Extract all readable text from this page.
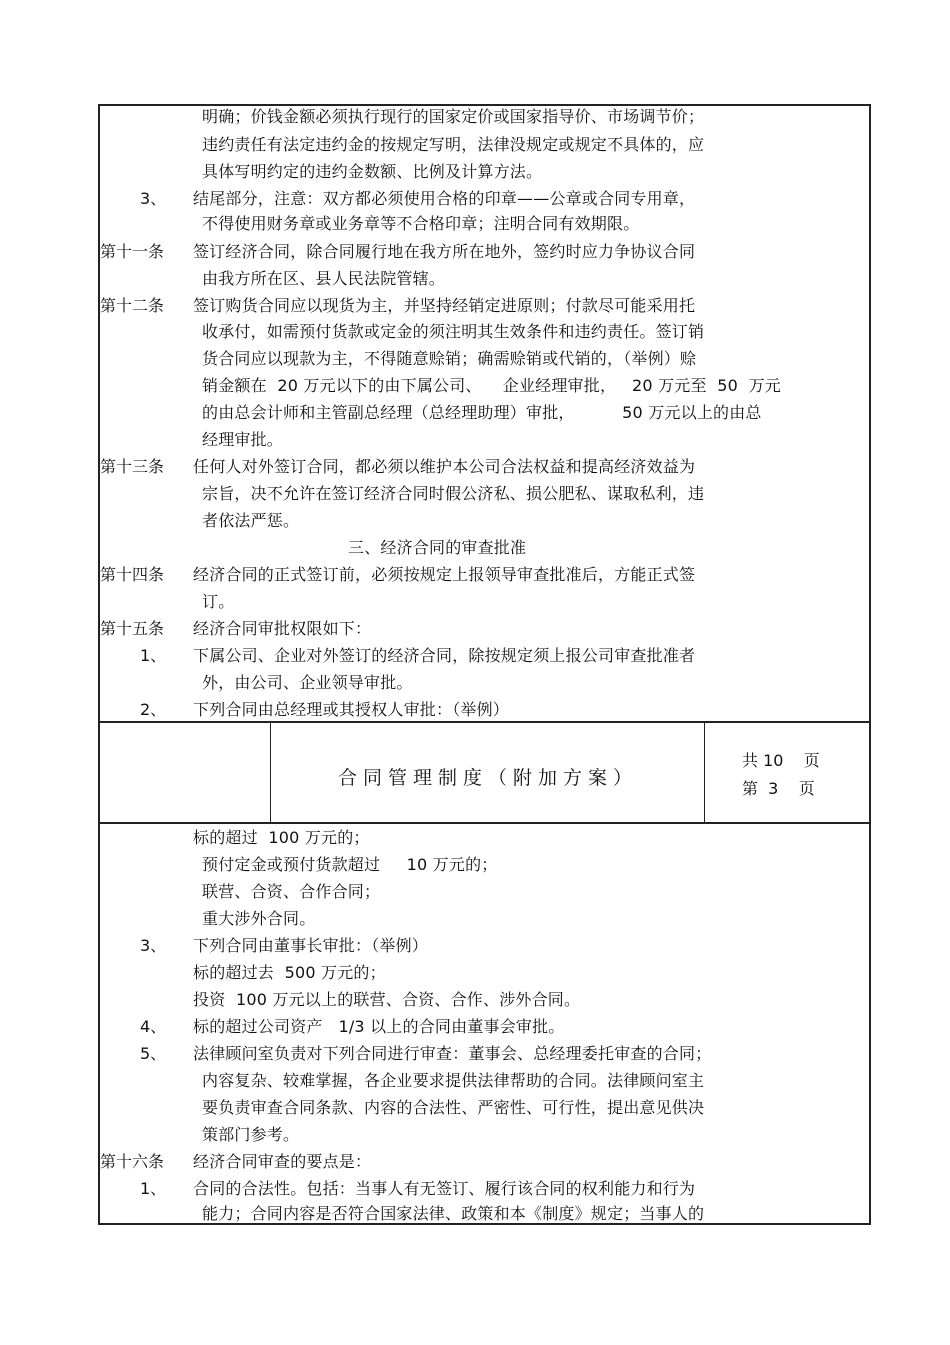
明确；价钱金额必须执行现行的国家定价或国家指导价、市场调节价；
违约责任有法定违约金的按规定写明，法律没规定或规定不具体的，应
具体写明约定的违约金数额、比例及计算方法。
3、 结尾部分，注意：双方都必须使用合格的印章——公章或合同专用章，
不得使用财务章或业务章等不合格印章；注明合同有效期限。
第十一条 签订经济合同，除合同履行地在我方所在地外，签约时应力争协议合同
由我方所在区、县人民法院管辖。
第十二条 签订购货合同应以现货为主，并坚持经销定进原则；付款尽可能采用托
收承付，如需预付货款或定金的须注明其生效条件和违约责任。签订销
货合同应以现款为主，不得随意赊销；确需赊销或代销的，（举例）赊
销金额在  20 万元以下的由下属公司、    企业经理审批，   20 万元至  50  万元
的由总会计师和主管副总经理（总经理助理）审批，         50 万元以上的由总
经理审批。
第十三条 任何人对外签订合同，都必须以维护本公司合法权益和提高经济效益为
宗旨，决不允许在签订经济合同时假公济私、损公肥私、谋取私利，违
者依法严惩。
三、经济合同的审查批准
第十四条 经济合同的正式签订前，必须按规定上报领导审查批准后，方能正式签
订。
第十五条 经济合同审批权限如下：
1、 下属公司、企业对外签订的经济合同，除按规定须上报公司审查批准者
外，由公司、企业领导审批。
2、 下列合同由总经理或其授权人审批：（举例）
合同管理制度（附加方案）
共 10    页
第  3    页
标的超过  100 万元的；
预付定金或预付货款超过     10 万元的；
联营、合资、合作合同；
重大涉外合同。
3、 下列合同由董事长审批：（举例）
标的超过去  500 万元的；
投资  100 万元以上的联营、合资、合作、涉外合同。
4、 标的超过公司资产   1/3 以上的合同由董事会审批。
5、 法律顾问室负责对下列合同进行审查：董事会、总经理委托审查的合同；
内容复杂、较难掌握，各企业要求提供法律帮助的合同。法律顾问室主
要负责审查合同条款、内容的合法性、严密性、可行性，提出意见供决
策部门参考。
第十六条 经济合同审查的要点是：
1、 合同的合法性。包括：当事人有无签订、履行该合同的权利能力和行为
能力；合同内容是否符合国家法律、政策和本《制度》规定；当事人的
